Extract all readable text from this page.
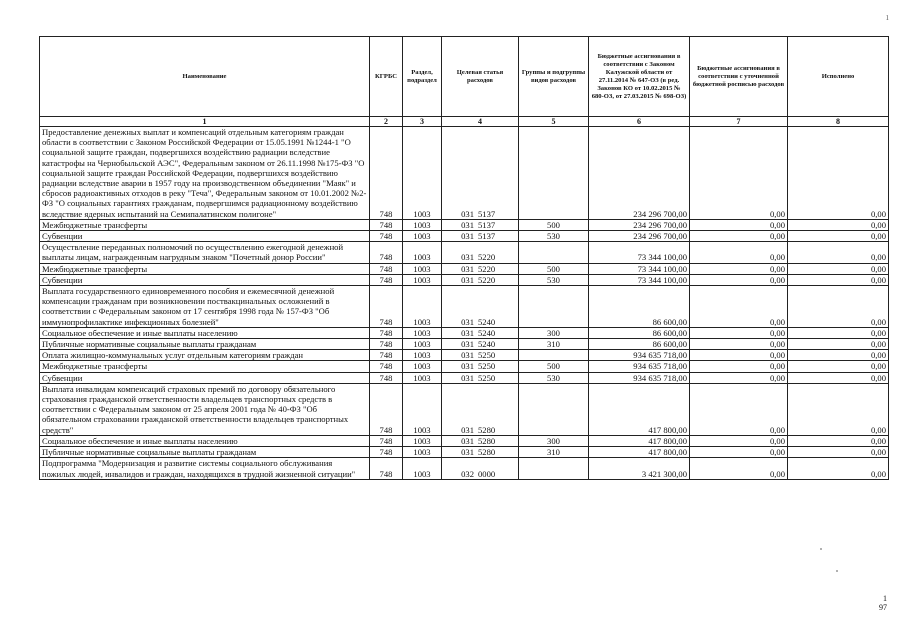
1
Наименование	КГРБС	Раздел, подраздел	Целевая статья расходов	Группы и подгруппы видов расходов	Бюджетные ассигнования в соответствии с Законом Калужской области от 27.11.2014 № 647-ОЗ (в ред. Законов КО от 10.02.2015 № 680-ОЗ, от 27.03.2015 № 698-ОЗ)	Бюджетные ассигнования в соответствии с уточненной бюджетной росписью расходов	Исполнено
1	2	3	4	5	6	7	8
Предоставление денежных выплат и компенсаций отдельным категориям граждан области в соответствии с Законом Российской Федерации от 15.05.1991 №1244-1 "О социальной защите граждан, подвергшихся воздействию радиации вследствие катастрофы на Чернобыльской АЭС", Федеральным законом от 26.11.1998 №175-ФЗ "О социальной защите граждан Российской Федерации, подвергшихся воздействию радиации вследствие аварии в 1957 году на производственном объединении "Маяк" и сбросов радиоактивных отходов в реку "Теча", Федеральным законом от 10.01.2002 №2-ФЗ "О социальных гарантиях гражданам, подвергшимся радиационному воздействию вследствие ядерных испытаний на Семипалатинском полигоне"	748	1003	031 5137		234 296 700,00	0,00	0,00
Межбюджетные трансферты	748	1003	031 5137	500	234 296 700,00	0,00	0,00
Субвенции	748	1003	031 5137	530	234 296 700,00	0,00	0,00
Осуществление переданных полномочий по осуществлению ежегодной денежной выплаты лицам, награжденным нагрудным знаком "Почетный донор России"	748	1003	031 5220		73 344 100,00	0,00	0,00
Межбюджетные трансферты	748	1003	031 5220	500	73 344 100,00	0,00	0,00
Субвенции	748	1003	031 5220	530	73 344 100,00	0,00	0,00
Выплата государственного единовременного пособия и ежемесячной денежной компенсации гражданам при возникновении поствакцинальных осложнений в соответствии с Федеральным законом от 17 сентября 1998 года № 157-ФЗ "Об иммунопрофилактике инфекционных болезней"	748	1003	031 5240		86 600,00	0,00	0,00
Социальное обеспечение и иные выплаты населению	748	1003	031 5240	300	86 600,00	0,00	0,00
Публичные нормативные социальные выплаты гражданам	748	1003	031 5240	310	86 600,00	0,00	0,00
Оплата жилищно-коммунальных услуг отдельным категориям граждан	748	1003	031 5250		934 635 718,00	0,00	0,00
Межбюджетные трансферты	748	1003	031 5250	500	934 635 718,00	0,00	0,00
Субвенции	748	1003	031 5250	530	934 635 718,00	0,00	0,00
Выплата инвалидам компенсаций страховых премий по договору обязательного страхования гражданской ответственности владельцев транспортных средств в соответствии с Федеральным законом от 25 апреля 2001 года № 40-ФЗ "Об обязательном страховании гражданской ответственности владельцев транспортных средств"	748	1003	031 5280		417 800,00	0,00	0,00
Социальное обеспечение и иные выплаты населению	748	1003	031 5280	300	417 800,00	0,00	0,00
Публичные нормативные социальные выплаты гражданам	748	1003	031 5280	310	417 800,00	0,00	0,00
Подпрограмма "Модернизация и развитие системы социального обслуживания пожилых людей, инвалидов и граждан, находящихся в трудной жизненной ситуации"	748	1003	032 0000		3 421 300,00	0,00	0,00
1
97
